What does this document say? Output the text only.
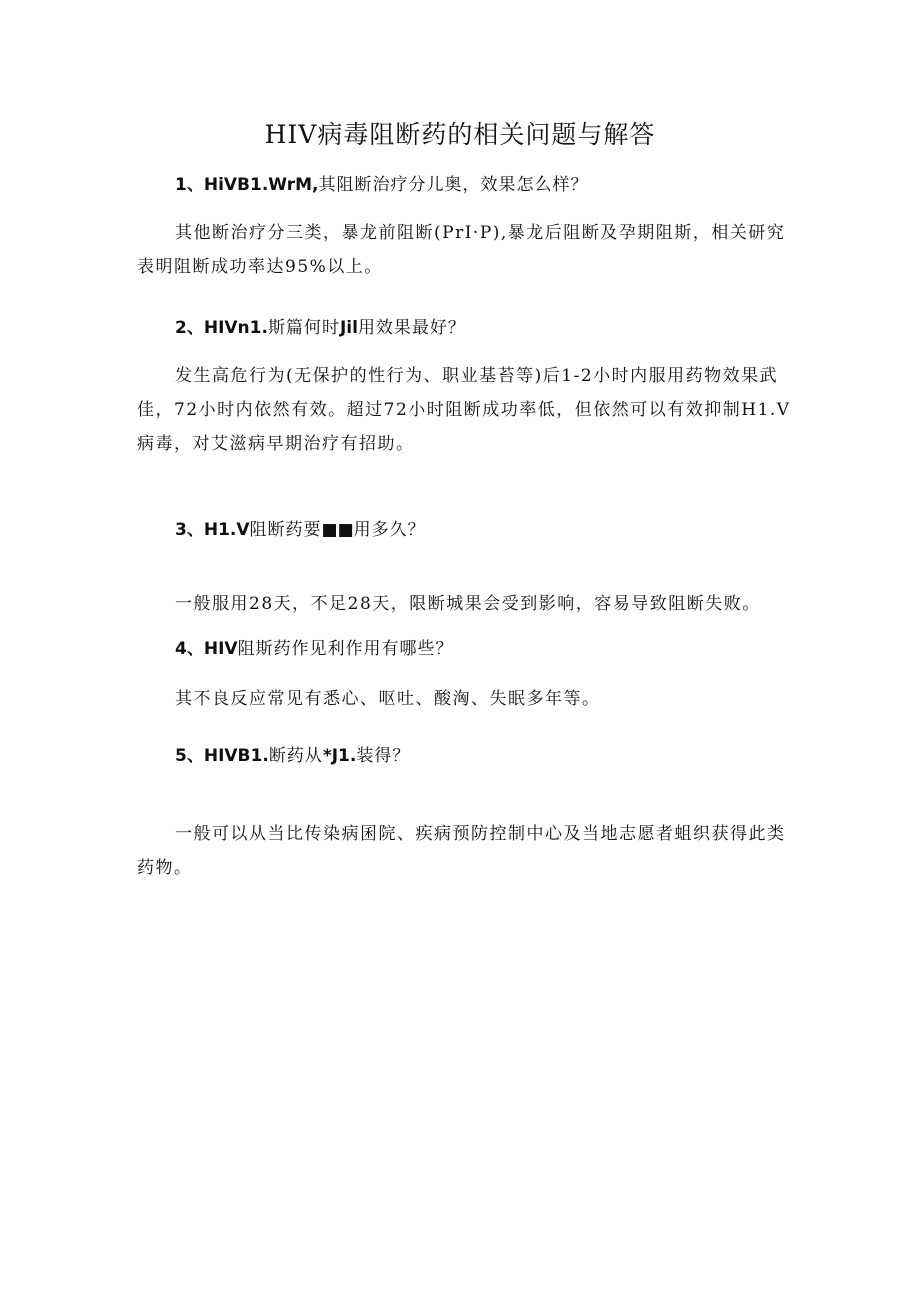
HIV病毒阻断药的相关问题与解答

1、HiVB1.WrM,其阻断治疗分儿奥，效果怎么样？

其他断治疗分三类，暴龙前阻断(PrI·P),暴龙后阻断及孕期阻斯，相关研究表明阻断成功率达95%以上。

2、HIVn1.斯篇何时Jil用效果最好？

发生高危行为(无保护的性行为、职业基苔等)后1-2小时内服用药物效果武佳，72小时内依然有效。超过72小时阻断成功率低，但依然可以有效抑制H1.V病毒，对艾滋病早期治疗有招助。

3、H1.V阻断药要■■用多久？

一般服用28天，不足28天，限断城果会受到影响，容易导致阻断失败。

4、HIV阻斯药作见利作用有哪些？

其不良反应常见有悉心、呕吐、酸洶、失眠多年等。

5、HIVB1.断药从*J1.装得？

一般可以从当比传染病囷院、疾病预防控制中心及当地志愿者蛆织获得此类药物。
